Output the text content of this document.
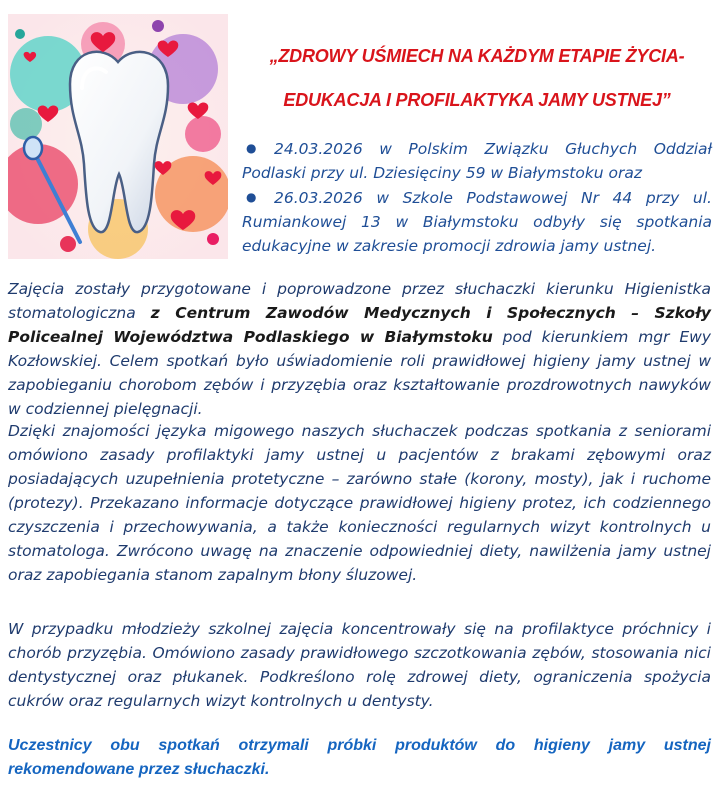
„ZDROWY UŚMIECH NA KAŻDYM ETAPIE ŻYCIA-

EDUKACJA I PROFILAKTYKA JAMY USTNEJ”

● 24.03.2026 w Polskim Związku Głuchych Oddział Podlaski przy ul. Dziesięciny 59 w Białymstoku oraz
● 26.03.2026 w Szkole Podstawowej Nr 44 przy ul. Rumiankowej 13 w Białymstoku odbyły się spotkania edukacyjne w zakresie promocji zdrowia jamy ustnej.

Zajęcia zostały przygotowane i poprowadzone przez słuchaczki kierunku Higienistka stomatologiczna z Centrum Zawodów Medycznych i Społecznych – Szkoły Policealnej Województwa Podlaskiego w Białymstoku pod kierunkiem mgr Ewy Kozłowskiej. Celem spotkań było uświadomienie roli prawidłowej higieny jamy ustnej w zapobieganiu chorobom zębów i przyzębia oraz kształtowanie prozdrowotnych nawyków w codziennej pielęgnacji.

Dzięki znajomości języka migowego naszych słuchaczek podczas spotkania z seniorami omówiono zasady profilaktyki jamy ustnej u pacjentów z brakami zębowymi oraz posiadających uzupełnienia protetyczne – zarówno stałe (korony, mosty), jak i ruchome (protezy). Przekazano informacje dotyczące prawidłowej higieny protez, ich codziennego czyszczenia i przechowywania, a także konieczności regularnych wizyt kontrolnych u stomatologa. Zwrócono uwagę na znaczenie odpowiedniej diety, nawilżenia jamy ustnej oraz zapobiegania stanom zapalnym błony śluzowej.

W przypadku młodzieży szkolnej zajęcia koncentrowały się na profilaktyce próchnicy i chorób przyzębia. Omówiono zasady prawidłowego szczotkowania zębów, stosowania nici dentystycznej oraz płukanek. Podkreślono rolę zdrowej diety, ograniczenia spożycia cukrów oraz regularnych wizyt kontrolnych u dentysty.

Uczestnicy obu spotkań otrzymali próbki produktów do higieny jamy ustnej rekomendowane przez słuchaczki.
